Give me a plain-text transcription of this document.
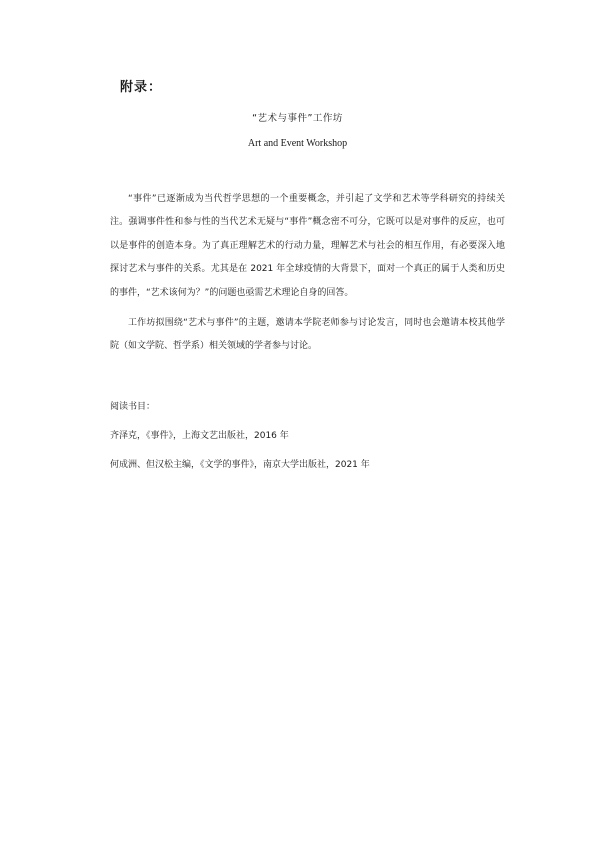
附录：
“艺术与事件”工作坊
Art and Event Workshop

“事件”已逐渐成为当代哲学思想的一个重要概念，并引起了文学和艺术等学科研究的持续关注。强调事件性和参与性的当代艺术无疑与“事件”概念密不可分，它既可以是对事件的反应，也可以是事件的创造本身。为了真正理解艺术的行动力量，理解艺术与社会的相互作用，有必要深入地探讨艺术与事件的关系。尤其是在 2021 年全球疫情的大背景下，面对一个真正的属于人类和历史的事件，“艺术该何为？”的问题也亟需艺术理论自身的回答。

工作坊拟围绕“艺术与事件”的主题，邀请本学院老师参与讨论发言，同时也会邀请本校其他学院（如文学院、哲学系）相关领域的学者参与讨论。

阅读书目：
齐泽克，《事件》，上海文艺出版社，2016 年
何成洲、但汉松主编，《文学的事件》，南京大学出版社，2021 年
